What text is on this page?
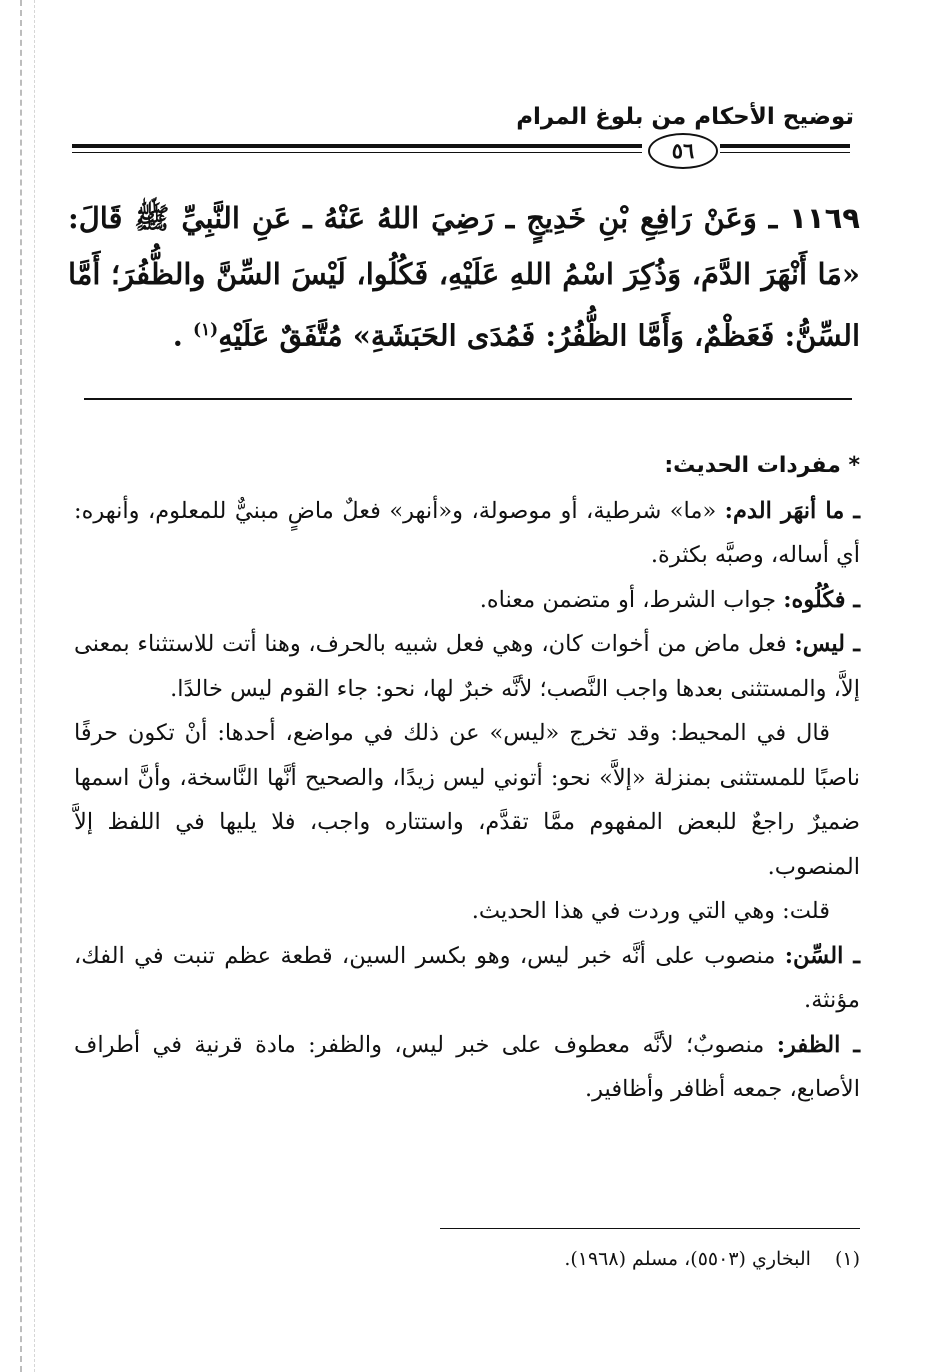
توضيح الأحكام من بلوغ المرام
٥٦
١١٦٩ ـ وَعَنْ رَافِعِ بْنِ خَدِيجٍ ـ رَضِيَ اللهُ عَنْهُ ـ عَنِ النَّبِيِّ ﷺ قَالَ: «مَا أَنْهَرَ الدَّمَ، وَذُكِرَ اسْمُ اللهِ عَلَيْهِ، فَكُلُوا، لَيْسَ السِّنَّ والظُّفُرَ؛ أَمَّا السِّنُّ: فَعَظْمٌ، وَأَمَّا الظُّفُرُ: فَمُدَى الحَبَشَةِ» مُتَّفَقٌ عَلَيْهِ$^{(١)}$ .
* مفردات الحديث:

ـ ما أنهَر الدم: «ما» شرطية، أو موصولة، و«أنهر» فعلٌ ماضٍ مبنيٌّ للمعلوم، وأنهره: أي أساله، وصبَّه بكثرة.

ـ فكُلُوه: جواب الشرط، أو متضمن معناه.

ـ ليس: فعل ماض من أخوات كان، وهي فعل شبيه بالحرف، وهنا أتت للاستثناء بمعنى إلاَّ، والمستثنى بعدها واجب النَّصب؛ لأنَّه خبرٌ لها، نحو: جاء القوم ليس خالدًا.

قال في المحيط: وقد تخرج «ليس» عن ذلك في مواضع، أحدها: أنْ تكون حرفًا ناصبًا للمستثنى بمنزلة «إلاَّ» نحو: أتوني ليس زيدًا، والصحيح أنَّها النَّاسخة، وأنَّ اسمها ضميرٌ راجعٌ للبعض المفهوم ممَّا تقدَّم، واستتاره واجب، فلا يليها في اللفظ إلاَّ المنصوب.

قلت: وهي التي وردت في هذا الحديث.

ـ السِّن: منصوب على أنَّه خبر ليس، وهو بكسر السين، قطعة عظم تنبت في الفك، مؤنثة.

ـ الظفر: منصوبٌ؛ لأنَّه معطوف على خبر ليس، والظفر: مادة قرنية في أطراف الأصابع، جمعه أظافر وأظافير.

(١) البخاري (٥٥٠٣)، مسلم (١٩٦٨).
